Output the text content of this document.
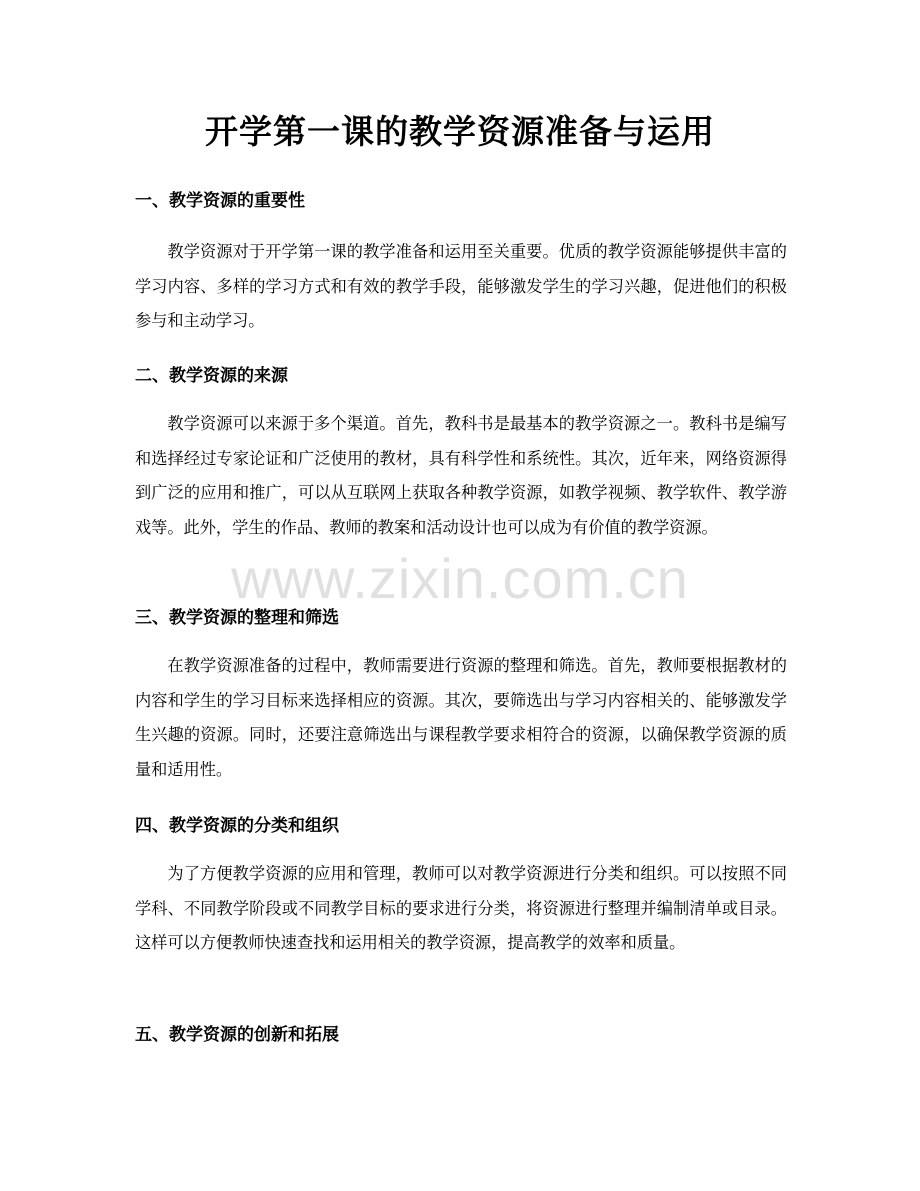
开学第一课的教学资源准备与运用
一、教学资源的重要性
教学资源对于开学第一课的教学准备和运用至关重要。优质的教学资源能够提供丰富的学习内容、多样的学习方式和有效的教学手段，能够激发学生的学习兴趣，促进他们的积极参与和主动学习。
二、教学资源的来源
教学资源可以来源于多个渠道。首先，教科书是最基本的教学资源之一。教科书是编写和选择经过专家论证和广泛使用的教材，具有科学性和系统性。其次，近年来，网络资源得到广泛的应用和推广，可以从互联网上获取各种教学资源，如教学视频、教学软件、教学游戏等。此外，学生的作品、教师的教案和活动设计也可以成为有价值的教学资源。
三、教学资源的整理和筛选
在教学资源准备的过程中，教师需要进行资源的整理和筛选。首先，教师要根据教材的内容和学生的学习目标来选择相应的资源。其次，要筛选出与学习内容相关的、能够激发学生兴趣的资源。同时，还要注意筛选出与课程教学要求相符合的资源，以确保教学资源的质量和适用性。
四、教学资源的分类和组织
为了方便教学资源的应用和管理，教师可以对教学资源进行分类和组织。可以按照不同学科、不同教学阶段或不同教学目标的要求进行分类，将资源进行整理并编制清单或目录。这样可以方便教师快速查找和运用相关的教学资源，提高教学的效率和质量。
五、教学资源的创新和拓展
www.zixin.com.cn
